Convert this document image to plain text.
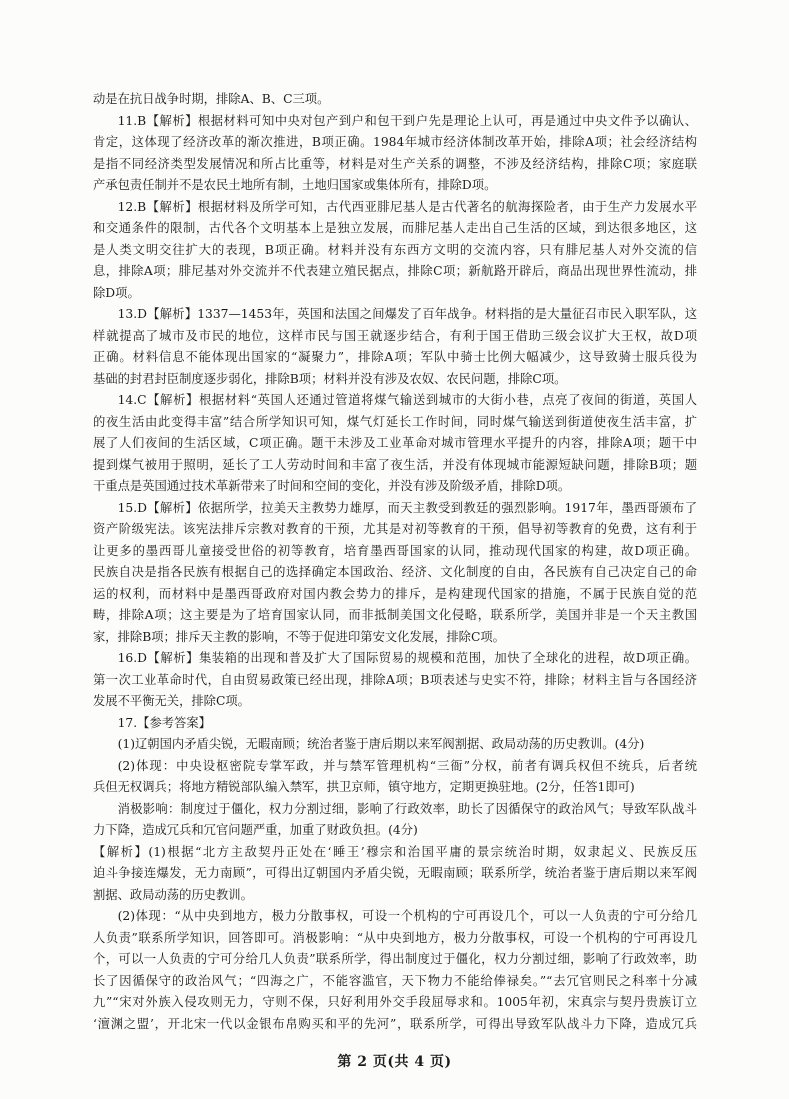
动是在抗日战争时期，排除A、B、C三项。
11.B【解析】根据材料可知中央对包产到户和包干到户先是理论上认可，再是通过中央文件予以确认、
肯定，这体现了经济改革的渐次推进，B项正确。1984年城市经济体制改革开始，排除A项；社会经济结构
是指不同经济类型发展情况和所占比重等，材料是对生产关系的调整，不涉及经济结构，排除C项；家庭联
产承包责任制并不是农民土地所有制，土地归国家或集体所有，排除D项。
12.B【解析】根据材料及所学可知，古代西亚腓尼基人是古代著名的航海探险者，由于生产力发展水平
和交通条件的限制，古代各个文明基本上是独立发展，而腓尼基人走出自己生活的区域，到达很多地区，这
是人类文明交往扩大的表现，B项正确。材料并没有东西方文明的交流内容，只有腓尼基人对外交流的信
息，排除A项；腓尼基对外交流并不代表建立殖民据点，排除C项；新航路开辟后，商品出现世界性流动，排
除D项。
13.D【解析】1337—1453年，英国和法国之间爆发了百年战争。材料指的是大量征召市民入职军队，这
样就提高了城市及市民的地位，这样市民与国王就逐步结合，有利于国王借助三级会议扩大王权，故D项
正确。材料信息不能体现出国家的“凝聚力”，排除A项；军队中骑士比例大幅减少，这导致骑士服兵役为
基础的封君封臣制度逐步弱化，排除B项；材料并没有涉及农奴、农民问题，排除C项。
14.C【解析】根据材料“英国人还通过管道将煤气输送到城市的大街小巷，点亮了夜间的街道，英国人
的夜生活由此变得丰富”结合所学知识可知，煤气灯延长工作时间，同时煤气输送到街道使夜生活丰富，扩
展了人们夜间的生活区域，C项正确。题干未涉及工业革命对城市管理水平提升的内容，排除A项；题干中
提到煤气被用于照明，延长了工人劳动时间和丰富了夜生活，并没有体现城市能源短缺问题，排除B项；题
干重点是英国通过技术革新带来了时间和空间的变化，并没有涉及阶级矛盾，排除D项。
15.D【解析】依据所学，拉美天主教势力雄厚，而天主教受到教廷的强烈影响。1917年，墨西哥颁布了
资产阶级宪法。该宪法排斥宗教对教育的干预，尤其是对初等教育的干预，倡导初等教育的免费，这有利于
让更多的墨西哥儿童接受世俗的初等教育，培育墨西哥国家的认同，推动现代国家的构建，故D项正确。
民族自决是指各民族有根据自己的选择确定本国政治、经济、文化制度的自由，各民族有自己决定自己的命
运的权利，而材料中是墨西哥政府对国内教会势力的排斥，是构建现代国家的措施，不属于民族自觉的范
畴，排除A项；这主要是为了培育国家认同，而非抵制美国文化侵略，联系所学，美国并非是一个天主教国
家，排除B项；排斥天主教的影响，不等于促进印第安文化发展，排除C项。
16.D【解析】集装箱的出现和普及扩大了国际贸易的规模和范围，加快了全球化的进程，故D项正确。
第一次工业革命时代，自由贸易政策已经出现，排除A项；B项表述与史实不符，排除；材料主旨与各国经济
发展不平衡无关，排除C项。
17.【参考答案】
(1)辽朝国内矛盾尖锐，无暇南顾；统治者鉴于唐后期以来军阀割据、政局动荡的历史教训。(4分)
(2)体现：中央设枢密院专掌军政，并与禁军管理机构“三衙”分权，前者有调兵权但不统兵，后者统
兵但无权调兵；将地方精锐部队编入禁军，拱卫京师，镇守地方，定期更换驻地。(2分，任答1即可)
消极影响：制度过于僵化，权力分割过细，影响了行政效率，助长了因循保守的政治风气；导致军队战斗
力下降，造成冗兵和冗官问题严重，加重了财政负担。(4分)
【解析】(1)根据“北方主敌契丹正处在‘睡王’穆宗和治国平庸的景宗统治时期，奴隶起义、民族反压
迫斗争接连爆发，无力南顾”，可得出辽朝国内矛盾尖锐，无暇南顾；联系所学，统治者鉴于唐后期以来军阀
割据、政局动荡的历史教训。
(2)体现：“从中央到地方，极力分散事权，可设一个机构的宁可再设几个，可以一人负责的宁可分给几
人负责”联系所学知识，回答即可。消极影响：“从中央到地方，极力分散事权，可设一个机构的宁可再设几
个，可以一人负责的宁可分给几人负责”联系所学，得出制度过于僵化，权力分割过细，影响了行政效率，助
长了因循保守的政治风气；“四海之广，不能容滥官，天下物力不能给俸禄矣。”“去冗官则民之科率十分减
九”“宋对外族入侵攻则无力，守则不保，只好利用外交手段屈辱求和。1005年初，宋真宗与契丹贵族订立
‘澶渊之盟’，开北宋一代以金银布帛购买和平的先河”，联系所学，可得出导致军队战斗力下降，造成冗兵
第 2 页(共 4 页)
